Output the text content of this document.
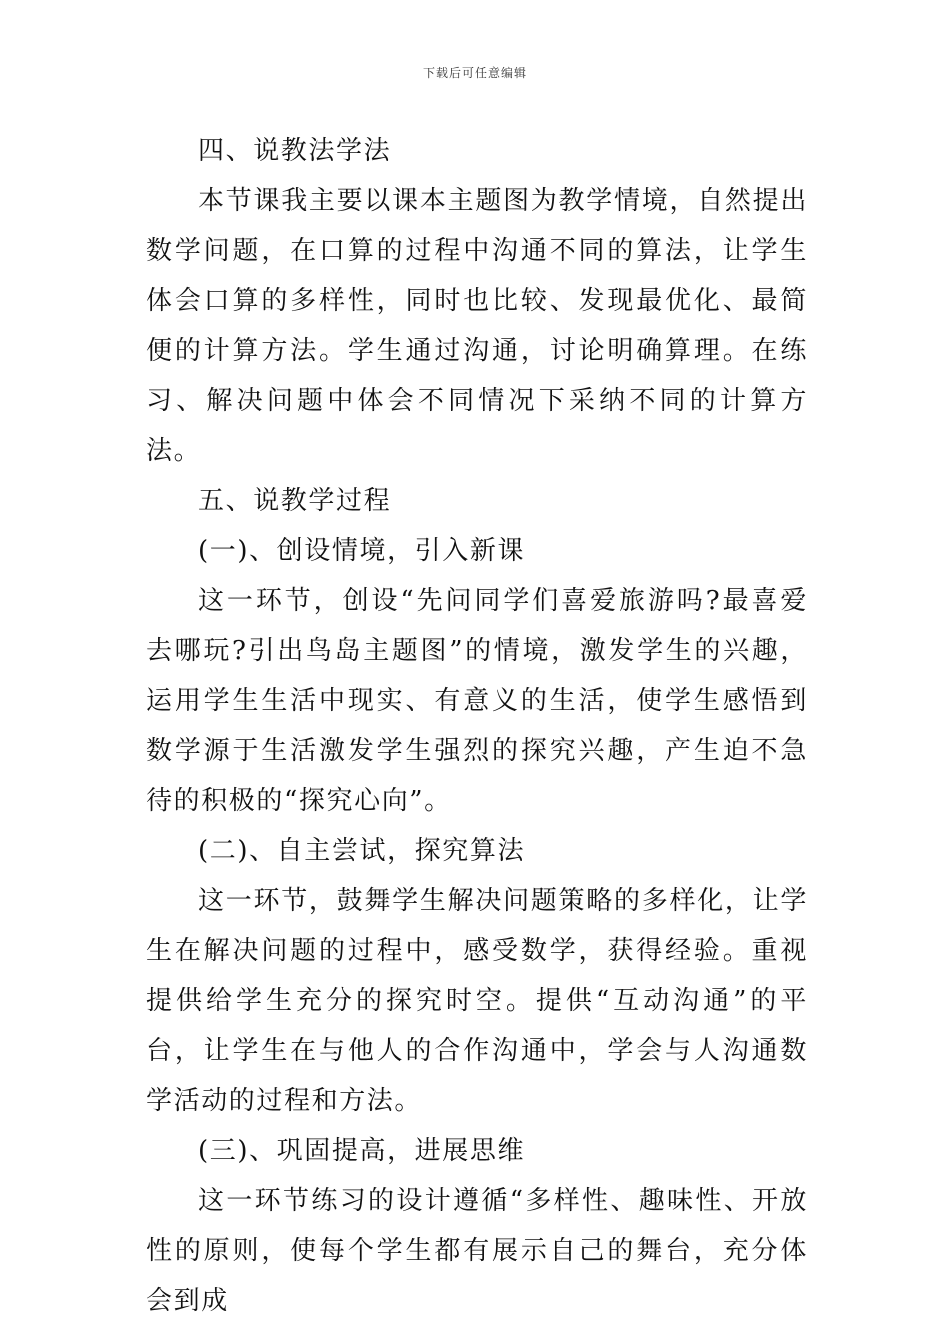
下载后可任意编辑

四、说教法学法

本节课我主要以课本主题图为教学情境，自然提出数学问题，在口算的过程中沟通不同的算法，让学生体会口算的多样性，同时也比较、发现最优化、最简便的计算方法。学生通过沟通，讨论明确算理。在练习、解决问题中体会不同情况下采纳不同的计算方法。

五、说教学过程

(一)、创设情境，引入新课

这一环节，创设“先问同学们喜爱旅游吗?最喜爱去哪玩?引出鸟岛主题图”的情境，激发学生的兴趣，运用学生生活中现实、有意义的生活，使学生感悟到数学源于生活激发学生强烈的探究兴趣，产生迫不急待的积极的“探究心向”。

(二)、自主尝试，探究算法

这一环节，鼓舞学生解决问题策略的多样化，让学生在解决问题的过程中，感受数学，获得经验。重视提供给学生充分的探究时空。提供“互动沟通”的平台，让学生在与他人的合作沟通中，学会与人沟通数学活动的过程和方法。

(三)、巩固提高，进展思维

这一环节练习的设计遵循“多样性、趣味性、开放性的原则，使每个学生都有展示自己的舞台，充分体会到成
